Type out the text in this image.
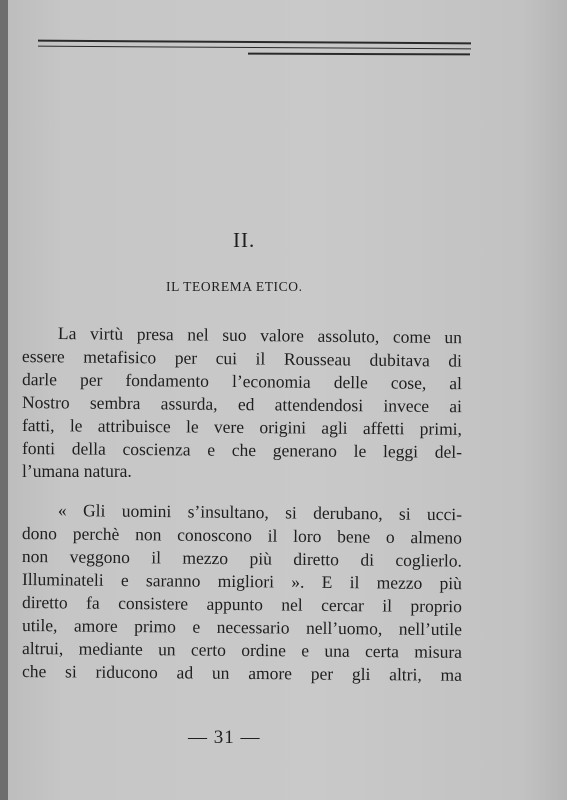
II.
IL TEOREMA ETICO.
La virtù presa nel suo valore assoluto, come un
essere metafisico per cui il Rousseau dubitava di
darle per fondamento l’economia delle cose, al
Nostro sembra assurda, ed attendendosi invece ai
fatti, le attribuisce le vere origini agli affetti primi,
fonti della coscienza e che generano le leggi del-
l’umana natura.
« Gli uomini s’insultano, si derubano, si ucci-
dono perchè non conoscono il loro bene o almeno
non veggono il mezzo più diretto di coglierlo.
Illuminateli e saranno migliori ». E il mezzo più
diretto fa consistere appunto nel cercar il proprio
utile, amore primo e necessario nell’uomo, nell’utile
altrui, mediante un certo ordine e una certa misura
che si riducono ad un amore per gli altri, ma
— 31 —
